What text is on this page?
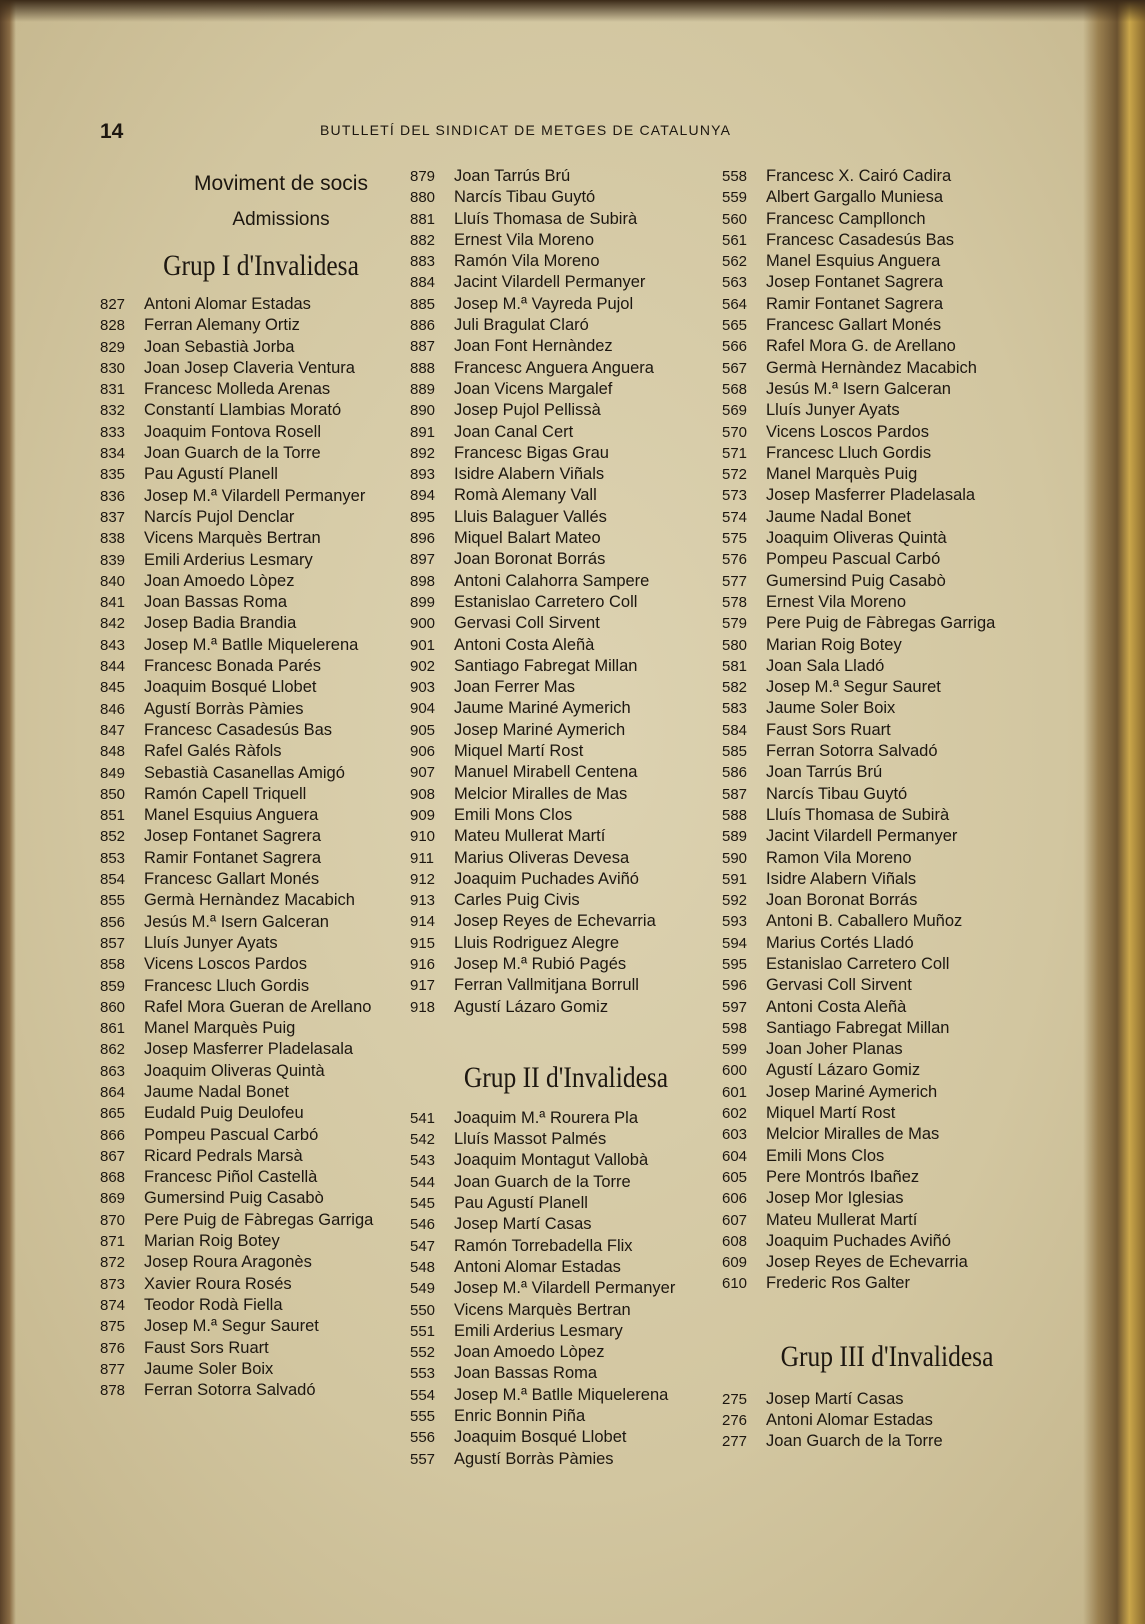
14	BUTLLETÍ DEL SINDICAT DE METGES DE CATALUNYA
Moviment de socis
Admissions
Grup I d'Invalidesa
827	Antoni Alomar Estadas
828	Ferran Alemany Ortiz
829	Joan Sebastià Jorba
830	Joan Josep Claveria Ventura
831	Francesc Molleda Arenas
832	Constantí Llambias Morató
833	Joaquim Fontova Rosell
834	Joan Guarch de la Torre
835	Pau Agustí Planell
836	Josep M.ª Vilardell Permanyer
837	Narcís Pujol Denclar
838	Vicens Marquès Bertran
839	Emili Arderius Lesmary
840	Joan Amoedo Lòpez
841	Joan Bassas Roma
842	Josep Badia Brandia
843	Josep M.ª Batlle Miquelerena
844	Francesc Bonada Parés
845	Joaquim Bosqué Llobet
846	Agustí Borràs Pàmies
847	Francesc Casadesús Bas
848	Rafel Galés Ràfols
849	Sebastià Casanellas Amigó
850	Ramón Capell Triquell
851	Manel Esquius Anguera
852	Josep Fontanet Sagrera
853	Ramir Fontanet Sagrera
854	Francesc Gallart Monés
855	Germà Hernàndez Macabich
856	Jesús M.ª Isern Galceran
857	Lluís Junyer Ayats
858	Vicens Loscos Pardos
859	Francesc Lluch Gordis
860	Rafel Mora Gueran de Arellano
861	Manel Marquès Puig
862	Josep Masferrer Pladelasala
863	Joaquim Oliveras Quintà
864	Jaume Nadal Bonet
865	Eudald Puig Deulofeu
866	Pompeu Pascual Carbó
867	Ricard Pedrals Marsà
868	Francesc Piñol Castellà
869	Gumersind Puig Casabò
870	Pere Puig de Fàbregas Garriga
871	Marian Roig Botey
872	Josep Roura Aragonès
873	Xavier Roura Rosés
874	Teodor Rodà Fiella
875	Josep M.ª Segur Sauret
876	Faust Sors Ruart
877	Jaume Soler Boix
878	Ferran Sotorra Salvadó
879	Joan Tarrús Brú
880	Narcís Tibau Guytó
881	Lluís Thomasa de Subirà
882	Ernest Vila Moreno
883	Ramón Vila Moreno
884	Jacint Vilardell Permanyer
885	Josep M.ª Vayreda Pujol
886	Juli Bragulat Claró
887	Joan Font Hernàndez
888	Francesc Anguera Anguera
889	Joan Vicens Margalef
890	Josep Pujol Pellissà
891	Joan Canal Cert
892	Francesc Bigas Grau
893	Isidre Alabern Viñals
894	Romà Alemany Vall
895	Lluis Balaguer Vallés
896	Miquel Balart Mateo
897	Joan Boronat Borrás
898	Antoni Calahorra Sampere
899	Estanislao Carretero Coll
900	Gervasi Coll Sirvent
901	Antoni Costa Aleñà
902	Santiago Fabregat Millan
903	Joan Ferrer Mas
904	Jaume Mariné Aymerich
905	Josep Mariné Aymerich
906	Miquel Martí Rost
907	Manuel Mirabell Centena
908	Melcior Miralles de Mas
909	Emili Mons Clos
910	Mateu Mullerat Martí
911	Marius Oliveras Devesa
912	Joaquim Puchades Aviñó
913	Carles Puig Civis
914	Josep Reyes de Echevarria
915	Lluis Rodriguez Alegre
916	Josep M.ª Rubió Pagés
917	Ferran Vallmitjana Borrull
918	Agustí Lázaro Gomiz
Grup II d'Invalidesa
541	Joaquim M.ª Rourera Pla
542	Lluís Massot Palmés
543	Joaquim Montagut Vallobà
544	Joan Guarch de la Torre
545	Pau Agustí Planell
546	Josep Martí Casas
547	Ramón Torrebadella Flix
548	Antoni Alomar Estadas
549	Josep M.ª Vilardell Permanyer
550	Vicens Marquès Bertran
551	Emili Arderius Lesmary
552	Joan Amoedo Lòpez
553	Joan Bassas Roma
554	Josep M.ª Batlle Miquelerena
555	Enric Bonnin Piña
556	Joaquim Bosqué Llobet
557	Agustí Borràs Pàmies
558	Francesc X. Cairó Cadira
559	Albert Gargallo Muniesa
560	Francesc Campllonch
561	Francesc Casadesús Bas
562	Manel Esquius Anguera
563	Josep Fontanet Sagrera
564	Ramir Fontanet Sagrera
565	Francesc Gallart Monés
566	Rafel Mora G. de Arellano
567	Germà Hernàndez Macabich
568	Jesús M.ª Isern Galceran
569	Lluís Junyer Ayats
570	Vicens Loscos Pardos
571	Francesc Lluch Gordis
572	Manel Marquès Puig
573	Josep Masferrer Pladelasala
574	Jaume Nadal Bonet
575	Joaquim Oliveras Quintà
576	Pompeu Pascual Carbó
577	Gumersind Puig Casabò
578	Ernest Vila Moreno
579	Pere Puig de Fàbregas Garriga
580	Marian Roig Botey
581	Joan Sala Lladó
582	Josep M.ª Segur Sauret
583	Jaume Soler Boix
584	Faust Sors Ruart
585	Ferran Sotorra Salvadó
586	Joan Tarrús Brú
587	Narcís Tibau Guytó
588	Lluís Thomasa de Subirà
589	Jacint Vilardell Permanyer
590	Ramon Vila Moreno
591	Isidre Alabern Viñals
592	Joan Boronat Borrás
593	Antoni B. Caballero Muñoz
594	Marius Cortés Lladó
595	Estanislao Carretero Coll
596	Gervasi Coll Sirvent
597	Antoni Costa Aleñà
598	Santiago Fabregat Millan
599	Joan Joher Planas
600	Agustí Lázaro Gomiz
601	Josep Mariné Aymerich
602	Miquel Martí Rost
603	Melcior Miralles de Mas
604	Emili Mons Clos
605	Pere Montrós Ibañez
606	Josep Mor Iglesias
607	Mateu Mullerat Martí
608	Joaquim Puchades Aviñó
609	Josep Reyes de Echevarria
610	Frederic Ros Galter
Grup III d'Invalidesa
275	Josep Martí Casas
276	Antoni Alomar Estadas
277	Joan Guarch de la Torre
